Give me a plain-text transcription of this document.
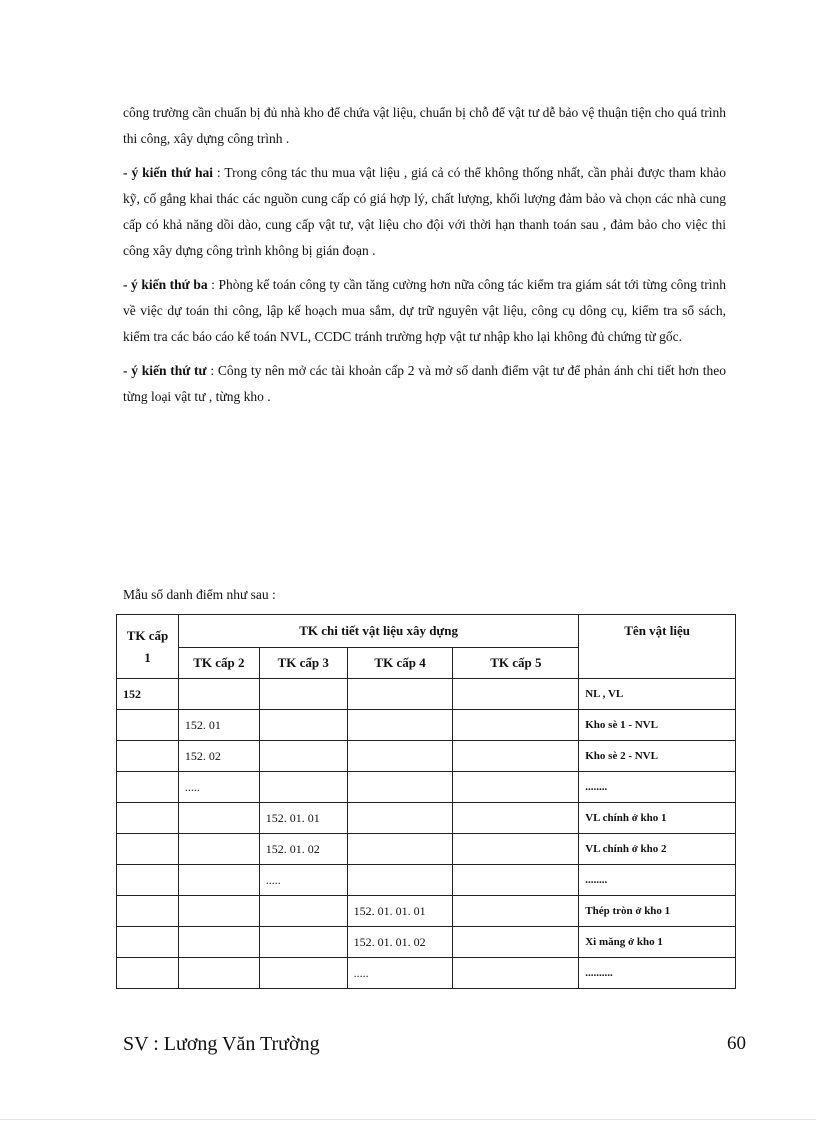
công trường cần chuẩn bị đủ nhà kho để chứa vật liệu, chuẩn bị chỗ để vật tư dễ bảo vệ thuận tiện cho quá trình thi công, xây dựng công trình .

- ý kiến thứ hai : Trong công tác thu mua vật liệu , giá cả có thể không thống nhất, cần phải được tham khảo kỹ, cố gắng khai thác các nguồn cung cấp có giá hợp lý, chất lượng, khối lượng đảm bảo và chọn các nhà cung cấp có khả năng dồi dào, cung cấp vật tư, vật liệu cho đội với thời hạn thanh toán sau , đảm bảo cho việc thi công xây dựng công trình không bị gián đoạn .

- ý kiến thứ ba : Phòng kế toán công ty cần tăng cường hơn nữa công tác kiểm tra giám sát tới từng công trình về việc dự toán thi công, lập kế hoạch mua sắm, dự trữ nguyên vật liệu, công cụ dông cụ, kiểm tra sổ sách, kiểm tra các báo cáo kế toán NVL, CCDC tránh trường hợp vật tư nhập kho lại không đủ chứng từ gốc.

- ý kiến thứ tư : Công ty nên mở các tài khoản cấp 2 và mở sổ danh điểm vật tư để phản ánh chi tiết hơn theo từng loại vật tư , từng kho .

Mẫu sổ danh điểm như sau :
TK cấp 1	TK chi tiết vật liệu xây dựng				Tên vật liệu
	TK cấp 2	TK cấp 3	TK cấp 4	TK cấp 5	
152					NL , VL
	152. 01				Kho sè 1 - NVL
	152. 02				Kho sè 2 - NVL
	.....				........
		152. 01. 01			VL chính ở kho 1
		152. 01. 02			VL chính ở kho 2
		.....			........
			152. 01. 01. 01		Thép tròn ở kho 1
			152. 01. 01. 02		Xi măng ở kho 1
			.....		..........
SV : Lương Văn Trường	60
